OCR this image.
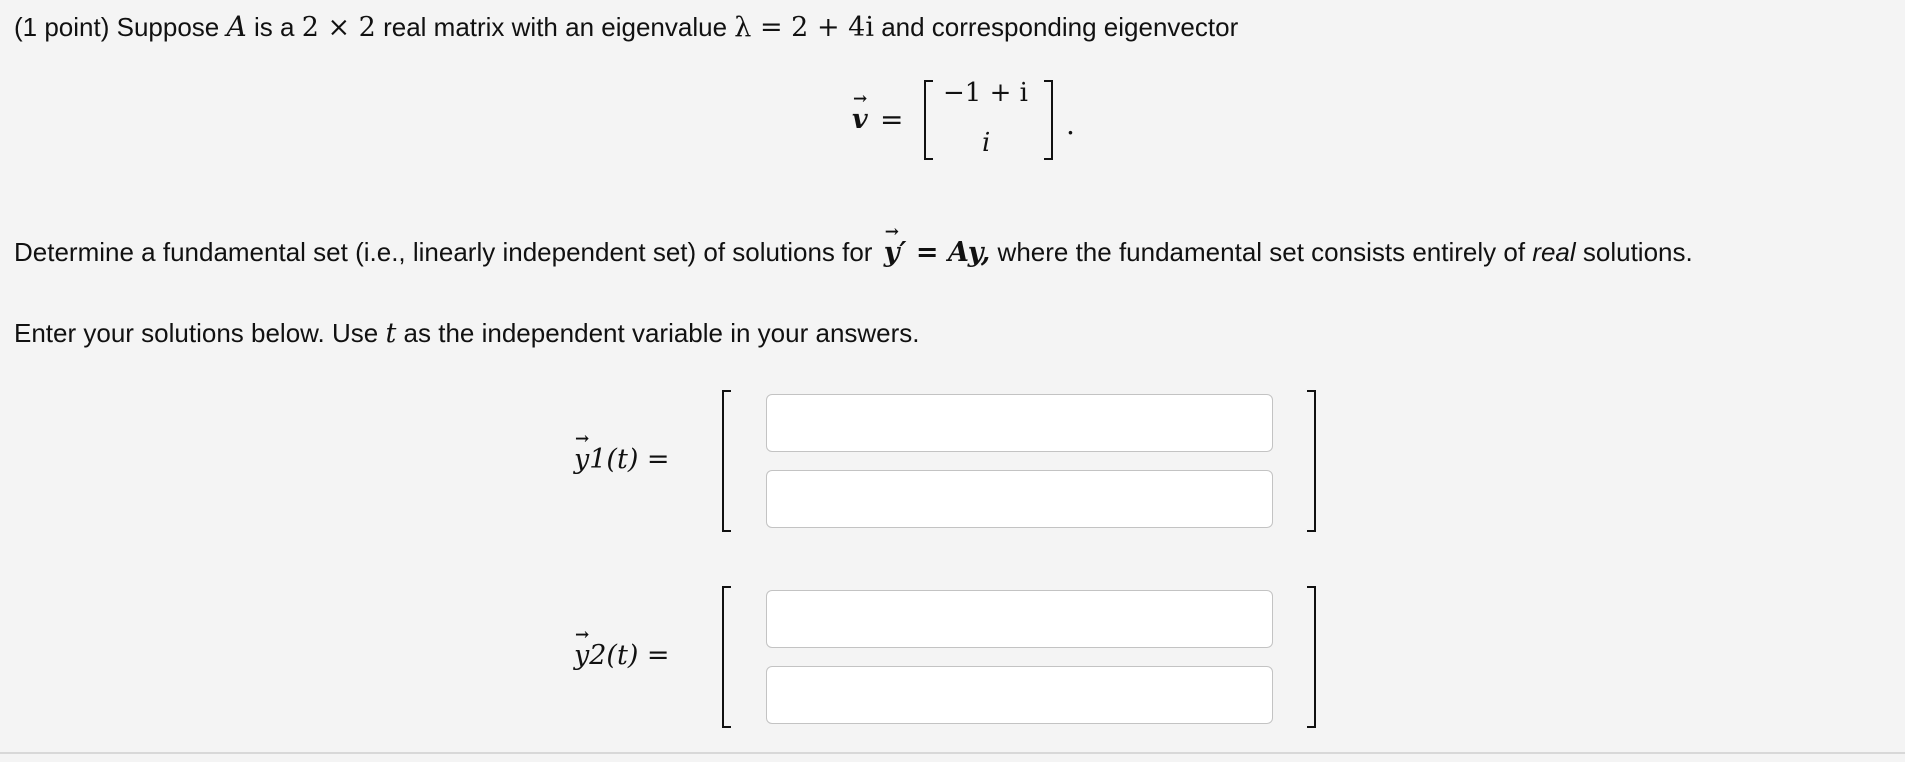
(1 point) Suppose A is a 2 × 2 real matrix with an eigenvalue λ = 2 + 4i and corresponding eigenvector
→ v =
−1 + i
i
.
Determine a fundamental set (i.e., linearly independent set) of solutions for → y′ = Ay, where the fundamental set consists entirely of real solutions.
Enter your solutions below. Use t as the independent variable in your answers.
→ y1(t) =
→ y2(t) =
